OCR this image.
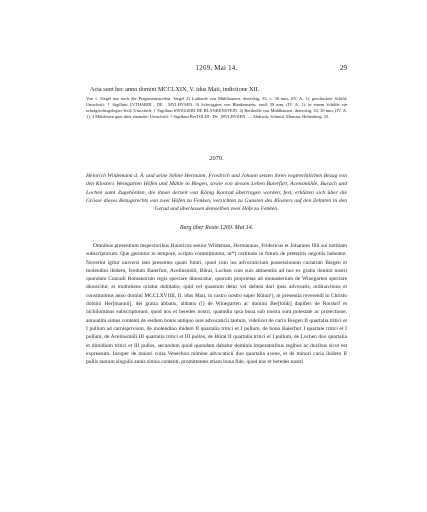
1269. Mai 14.	29
Acta sunt hec anno domini MCCLXIX, V. idus Maii, indictione XII.
Von 1. Siegel nur noch die Pergamentstreifen. Siegel 2) Lutharde von Mühlhausen, dreieckig, 35, c. 30 mm, (IV. A. 1): geschachter Schild; Umschrift: † Sigillum LVTHARDI . DE . MVLHVSEN. 3) Schwiggers von Blankenstein, rund, 39 mm, (IV. A. 1): in einem Schilde ein schrägrechtsgelegter Keil; Umschrift: † Sigillum SWIGGERI DE BLANKENSTEIN. 4) Bertholds von Mühlhausen, dreieckig, 33, 30 mm, (IV. A. 1): 3 Mühleisen quer über einander; Umschrift: † Sigillum BerTOLDI . De . MVLHVSEN. — Abdruck: Schmid, Monum. Hohenberg. 33.
2070.
Heinrich Wildemann d. Ä. und seine Söhne Hermann, Friedrich und Johann setzen ihren vogtrechtlichen Bezug von den Klosters Weingarten Höfen und Mühle in Biegen, sowie von dessen Lehen Baierfurt, Acensmühle, Burach und Lochen samt Zugehörden, die ihnen derzeit von König Konrad übertragen worden, fest, erklären sich über die Grösse dieses Bezugsrechts von zwei Höfen zu Fenken, verzichten zu Gunsten des Klosters auf den Zehnten in den Gerud und überlassen demselben zwei Höfe zu Fenken.
Burg über Reute 1269. Mai 14.

Omnibus presentium inspectoribus Hainricus senior Wildeman, Hermannus, Fridericus et Johannes filii sui notitiam subscriptorum. Que geruntur in tempore, scripto committuntur, ut*) certitudo in futuro de preteritis negotiis habeatur. Noverint igitur universi tam presentes quam futuri, quod cum ius advocaticium possessionum curiarum Biegen et molendini ibidem, feodum Baierfurt, Acelinsmüli, Bûrai, Lochen cum suis attinentiis ad nos ex gratia domini nostri quondam Cunradi Romanorum regis spectare dinoscatur, quorum proprietas ad monasterium de Winegarten spectare dinoscitur, et multotiens oriatur dubitatio, quid vel quantum detur vel debeat dari ipsis advocatis, ordinavimus et constituimus anno domini MCCLXVIIII, II. idus Maii, in castro nostro super Rûtun¹), in presentia reverendi in Christo domini Her[mannii], dei gratia abbatis, abbatis (!) de Winegarten ac domini Ber[toldi] dapiferi de Rordorf et nichilominus subscriptorum, quod nos et heredes nostri, quamdiu ipsa bona sub nostra sunt potestate ac protectione, annuatim simus contenti de eisdem bonis antiquo iure advocaticii tantum, videlicet de curia Biegen II quartalia tritici et I pullum ad carnisprivium, de molendino ibidem II quartalia tritici et I pullum, de bono Baierfurt I quartale tritici et I pullum, de Acelinsmüli III quartalia tritici et III pullos, de Bûrai II quartalia tritici et I pullum, de Lochen duo quartalia et dimidium tritici et III pullos, secundum quod quondam dabatur dominis imperatoribus regibus ac ducibus sicut est expressum. Insuper de maiori curia Venechon nomine advocaticii duo quartalia avene, et de minori curia ibidem II pullis tantum singulis annis simus contenti, promittentes etiam bona fide, quod nos et heredes nostri
